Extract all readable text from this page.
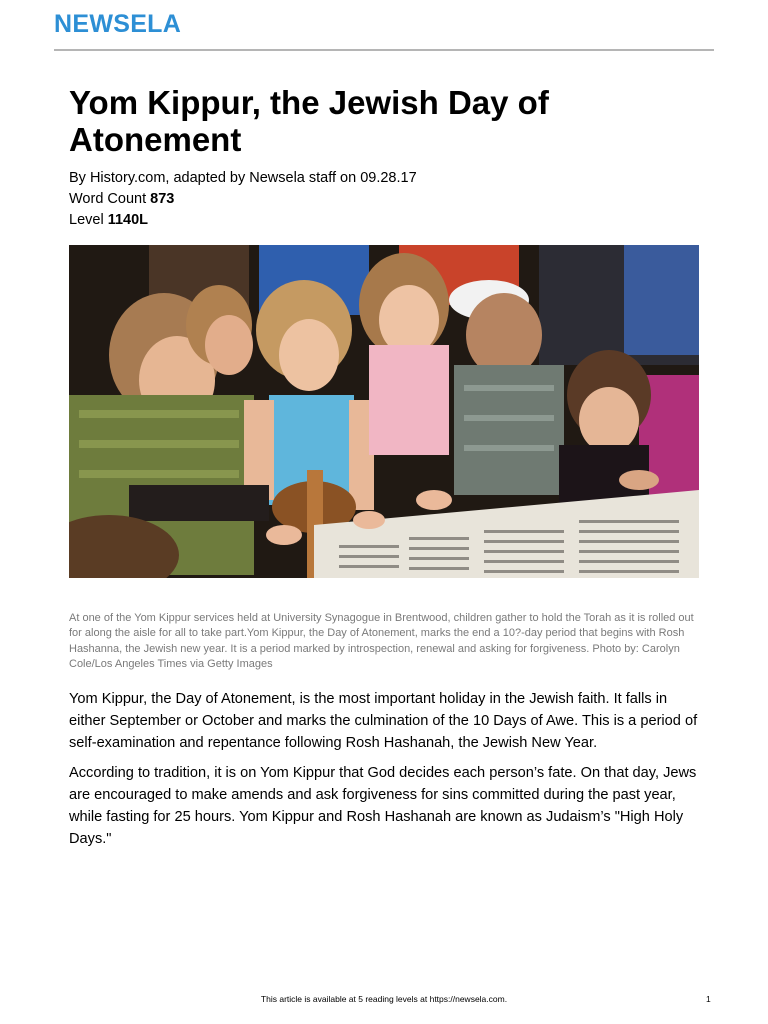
NEWSELA
Yom Kippur, the Jewish Day of Atonement
By History.com, adapted by Newsela staff on 09.28.17
Word Count 873
Level 1140L

At one of the Yom Kippur services held at University Synagogue in Brentwood, children gather to hold the Torah as it is rolled out for along the aisle for all to take part.Yom Kippur, the Day of Atonement, marks the end a 10?-day period that begins with Rosh Hashanna, the Jewish new year. It is a period marked by introspection, renewal and asking for forgiveness. Photo by: Carolyn Cole/Los Angeles Times via Getty Images

Yom Kippur, the Day of Atonement, is the most important holiday in the Jewish faith. It falls in either September or October and marks the culmination of the 10 Days of Awe. This is a period of self-examination and repentance following Rosh Hashanah, the Jewish New Year.

According to tradition, it is on Yom Kippur that God decides each person’s fate. On that day, Jews are encouraged to make amends and ask forgiveness for sins committed during the past year, while fasting for 25 hours. Yom Kippur and Rosh Hashanah are known as Judaism’s "High Holy Days."

This article is available at 5 reading levels at https://newsela.com.	1
